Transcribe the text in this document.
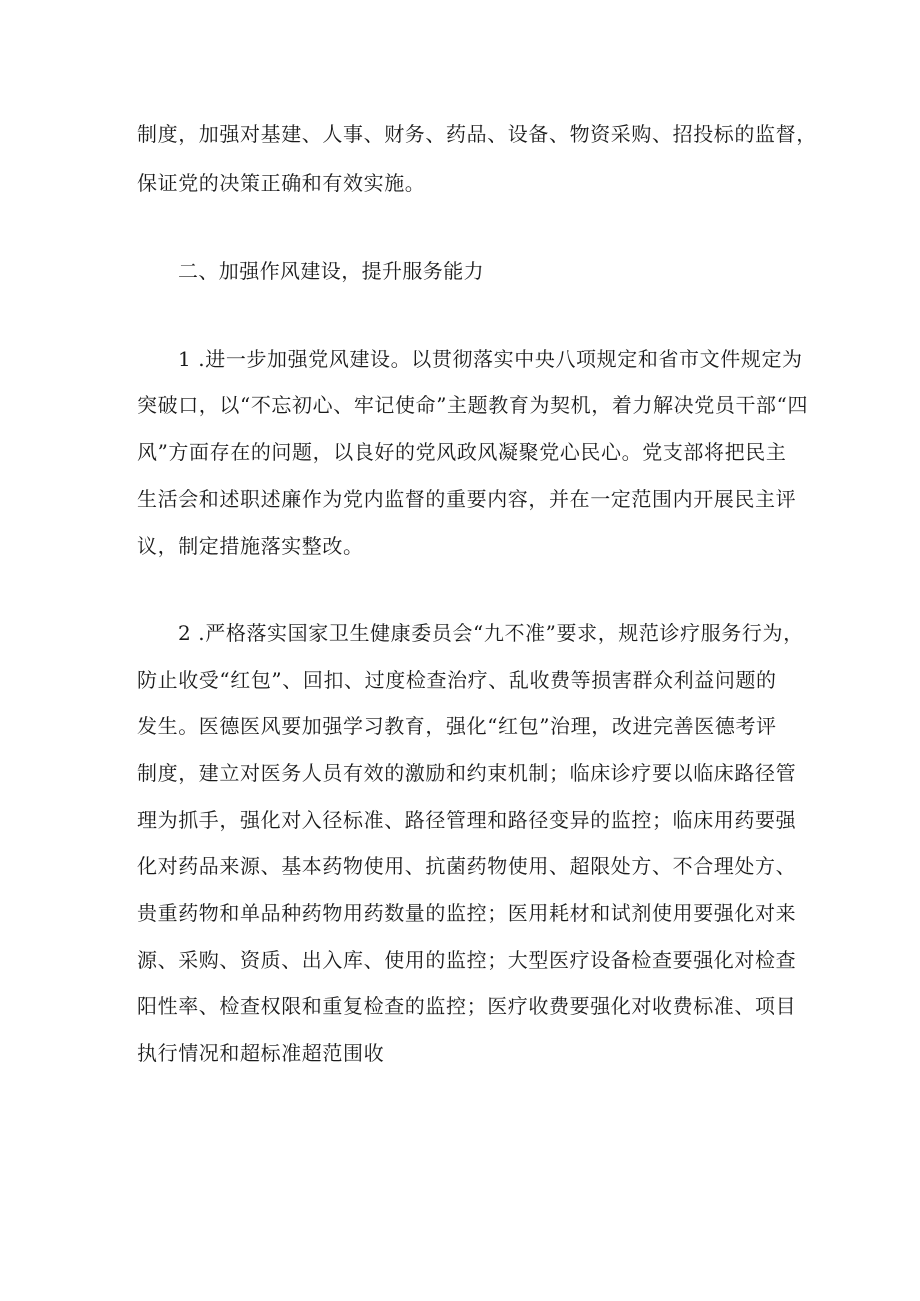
制度，加强对基建、人事、财务、药品、设备、物资采购、招投标的监督，
保证党的决策正确和有效实施。
二、加强作风建设，提升服务能力
1 .进一步加强党风建设。以贯彻落实中央八项规定和省市文件规定为
突破口，以“不忘初心、牢记使命”主题教育为契机，着力解决党员干部“四
风”方面存在的问题，以良好的党风政风凝聚党心民心。党支部将把民主
生活会和述职述廉作为党内监督的重要内容，并在一定范围内开展民主评
议，制定措施落实整改。
2 .严格落实国家卫生健康委员会“九不准”要求，规范诊疗服务行为，
防止收受“红包”、回扣、过度检查治疗、乱收费等损害群众利益问题的
发生。医德医风要加强学习教育，强化“红包”治理，改进完善医德考评
制度，建立对医务人员有效的激励和约束机制；临床诊疗要以临床路径管
理为抓手，强化对入径标准、路径管理和路径变异的监控；临床用药要强
化对药品来源、基本药物使用、抗菌药物使用、超限处方、不合理处方、
贵重药物和单品种药物用药数量的监控；医用耗材和试剂使用要强化对来
源、采购、资质、出入库、使用的监控；大型医疗设备检查要强化对检查
阳性率、检查权限和重复检查的监控；医疗收费要强化对收费标准、项目
执行情况和超标准超范围收
